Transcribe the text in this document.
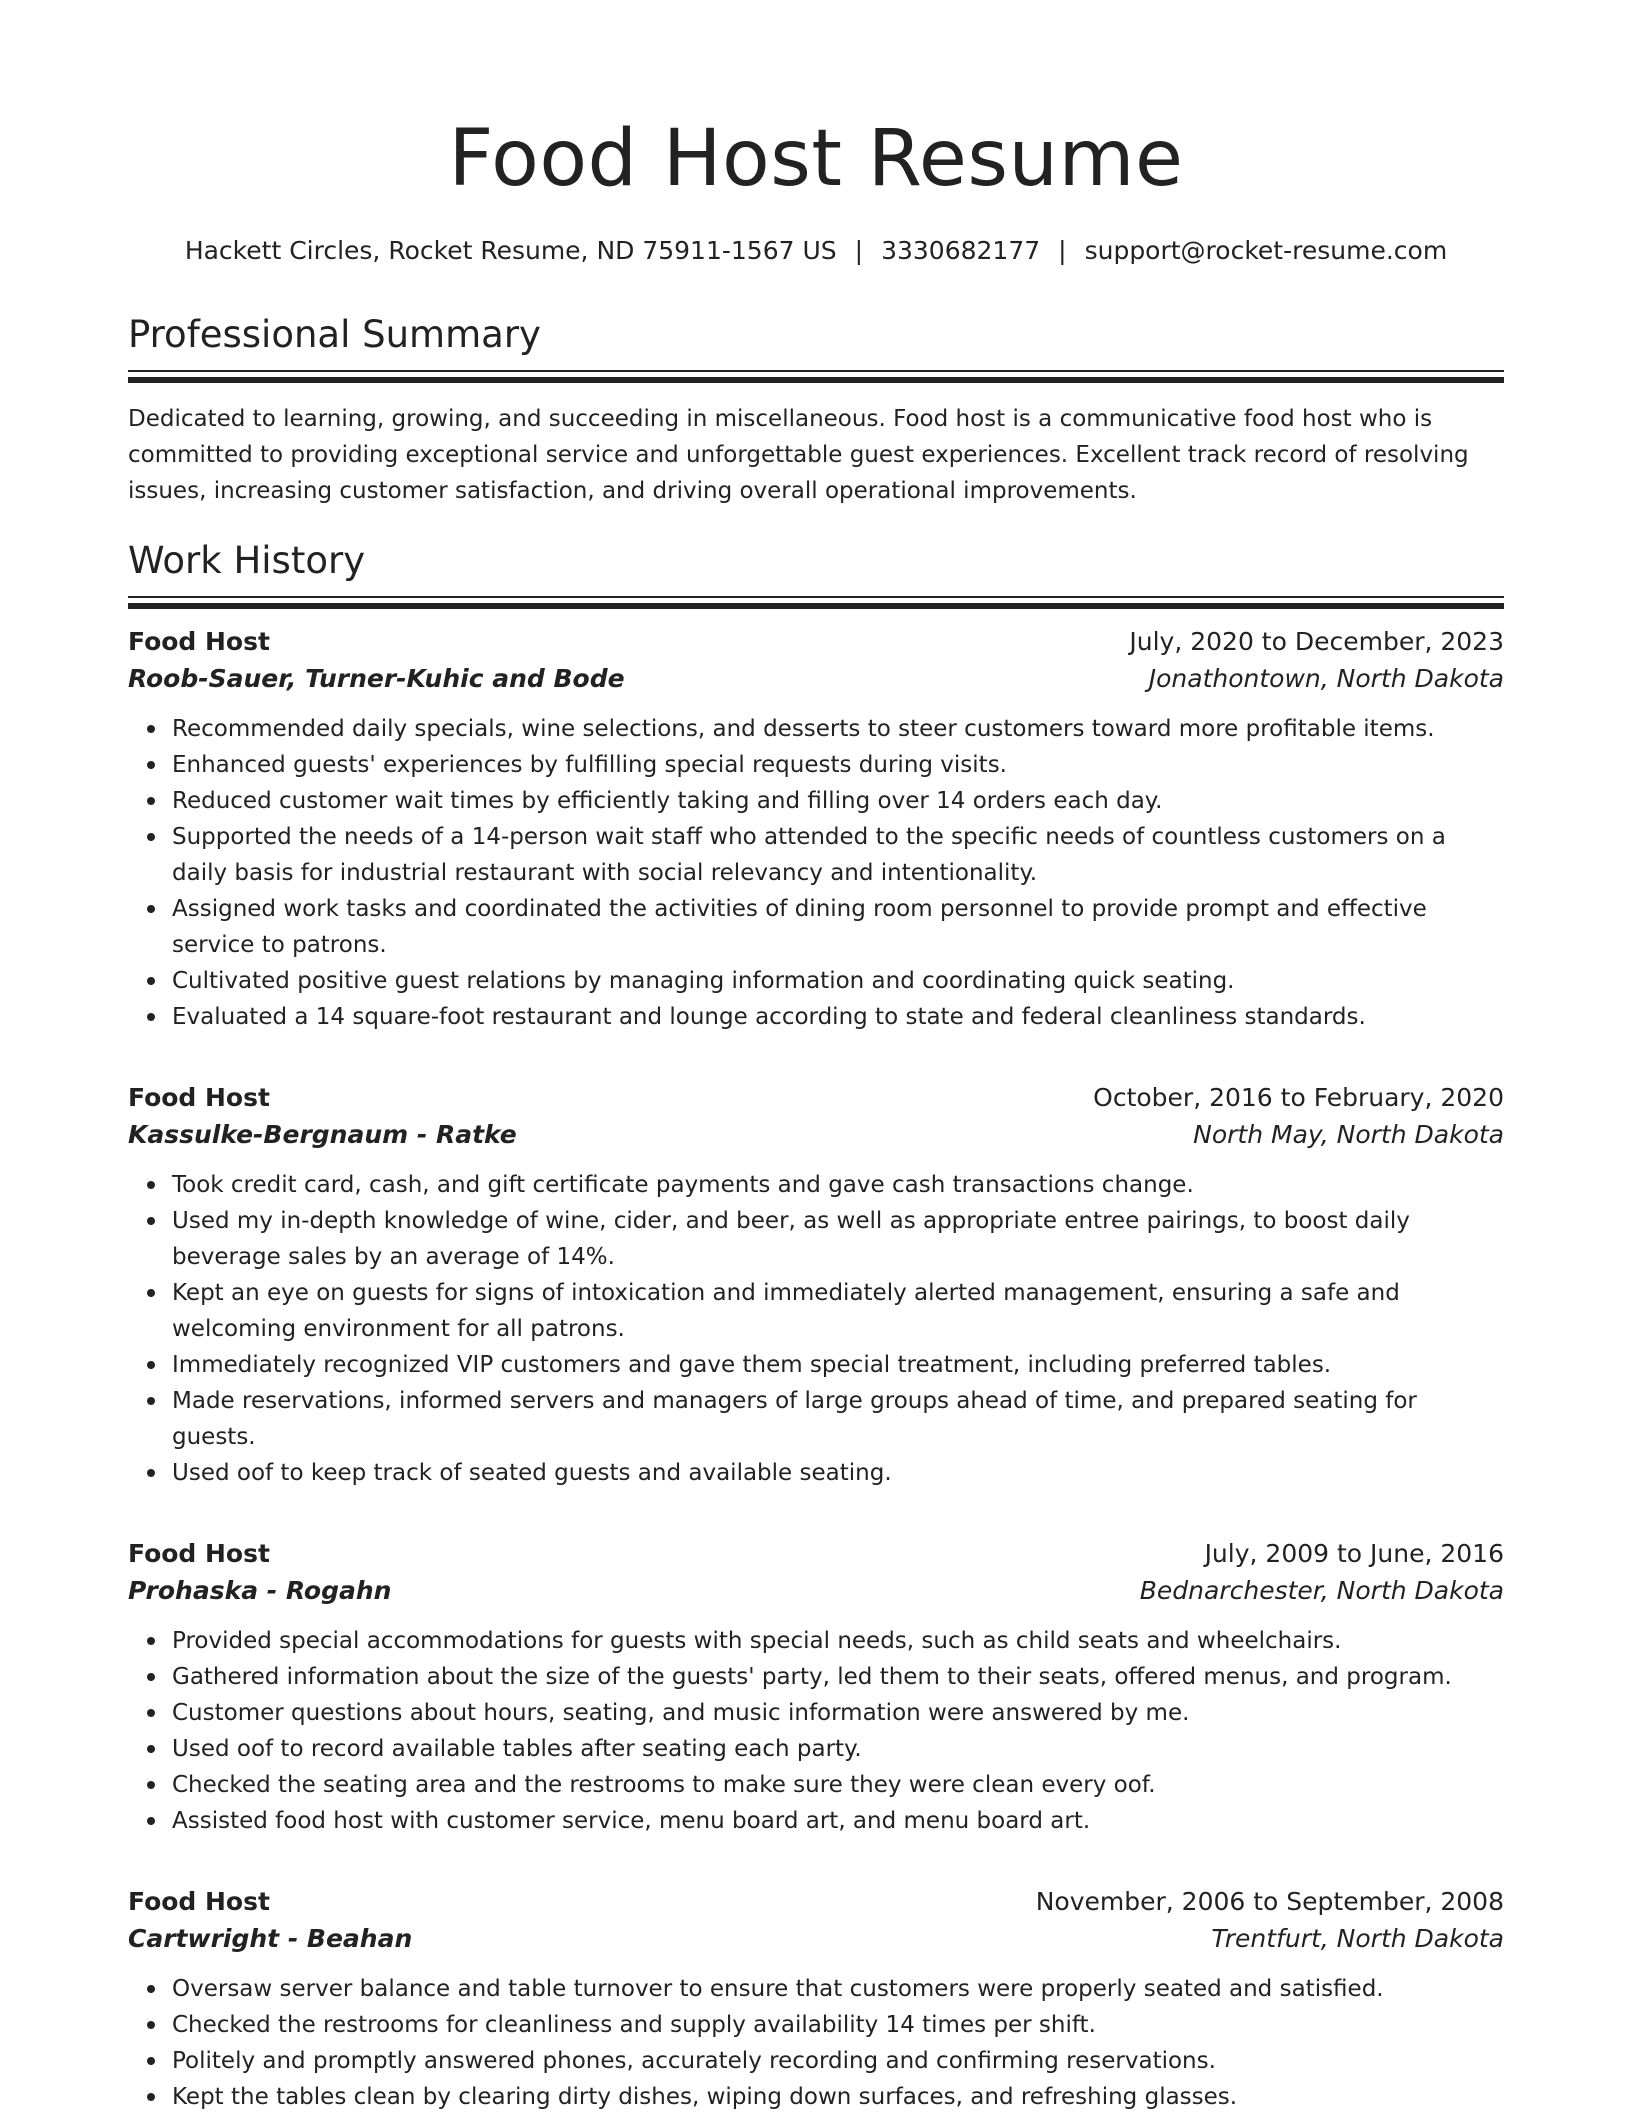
Food Host Resume
Hackett Circles, Rocket Resume, ND 75911-1567 US | 3330682177 | support@rocket-resume.com
Professional Summary

Dedicated to learning, growing, and succeeding in miscellaneous. Food host is a communicative food host who is committed to providing exceptional service and unforgettable guest experiences. Excellent track record of resolving issues, increasing customer satisfaction, and driving overall operational improvements.

Work History
Food Host	July, 2020 to December, 2023
Roob-Sauer, Turner-Kuhic and Bode	Jonathontown, North Dakota
Recommended daily specials, wine selections, and desserts to steer customers toward more profitable items.
Enhanced guests' experiences by fulfilling special requests during visits.
Reduced customer wait times by efficiently taking and filling over 14 orders each day.
Supported the needs of a 14-person wait staff who attended to the specific needs of countless customers on a daily basis for industrial restaurant with social relevancy and intentionality.
Assigned work tasks and coordinated the activities of dining room personnel to provide prompt and effective service to patrons.
Cultivated positive guest relations by managing information and coordinating quick seating.
Evaluated a 14 square-foot restaurant and lounge according to state and federal cleanliness standards.
Food Host	October, 2016 to February, 2020
Kassulke-Bergnaum - Ratke	North May, North Dakota
Took credit card, cash, and gift certificate payments and gave cash transactions change.
Used my in-depth knowledge of wine, cider, and beer, as well as appropriate entree pairings, to boost daily beverage sales by an average of 14%.
Kept an eye on guests for signs of intoxication and immediately alerted management, ensuring a safe and welcoming environment for all patrons.
Immediately recognized VIP customers and gave them special treatment, including preferred tables.
Made reservations, informed servers and managers of large groups ahead of time, and prepared seating for guests.
Used oof to keep track of seated guests and available seating.
Food Host	July, 2009 to June, 2016
Prohaska - Rogahn	Bednarchester, North Dakota
Provided special accommodations for guests with special needs, such as child seats and wheelchairs.
Gathered information about the size of the guests' party, led them to their seats, offered menus, and program.
Customer questions about hours, seating, and music information were answered by me.
Used oof to record available tables after seating each party.
Checked the seating area and the restrooms to make sure they were clean every oof.
Assisted food host with customer service, menu board art, and menu board art.
Food Host	November, 2006 to September, 2008
Cartwright - Beahan	Trentfurt, North Dakota
Oversaw server balance and table turnover to ensure that customers were properly seated and satisfied.
Checked the restrooms for cleanliness and supply availability 14 times per shift.
Politely and promptly answered phones, accurately recording and confirming reservations.
Kept the tables clean by clearing dirty dishes, wiping down surfaces, and refreshing glasses.
